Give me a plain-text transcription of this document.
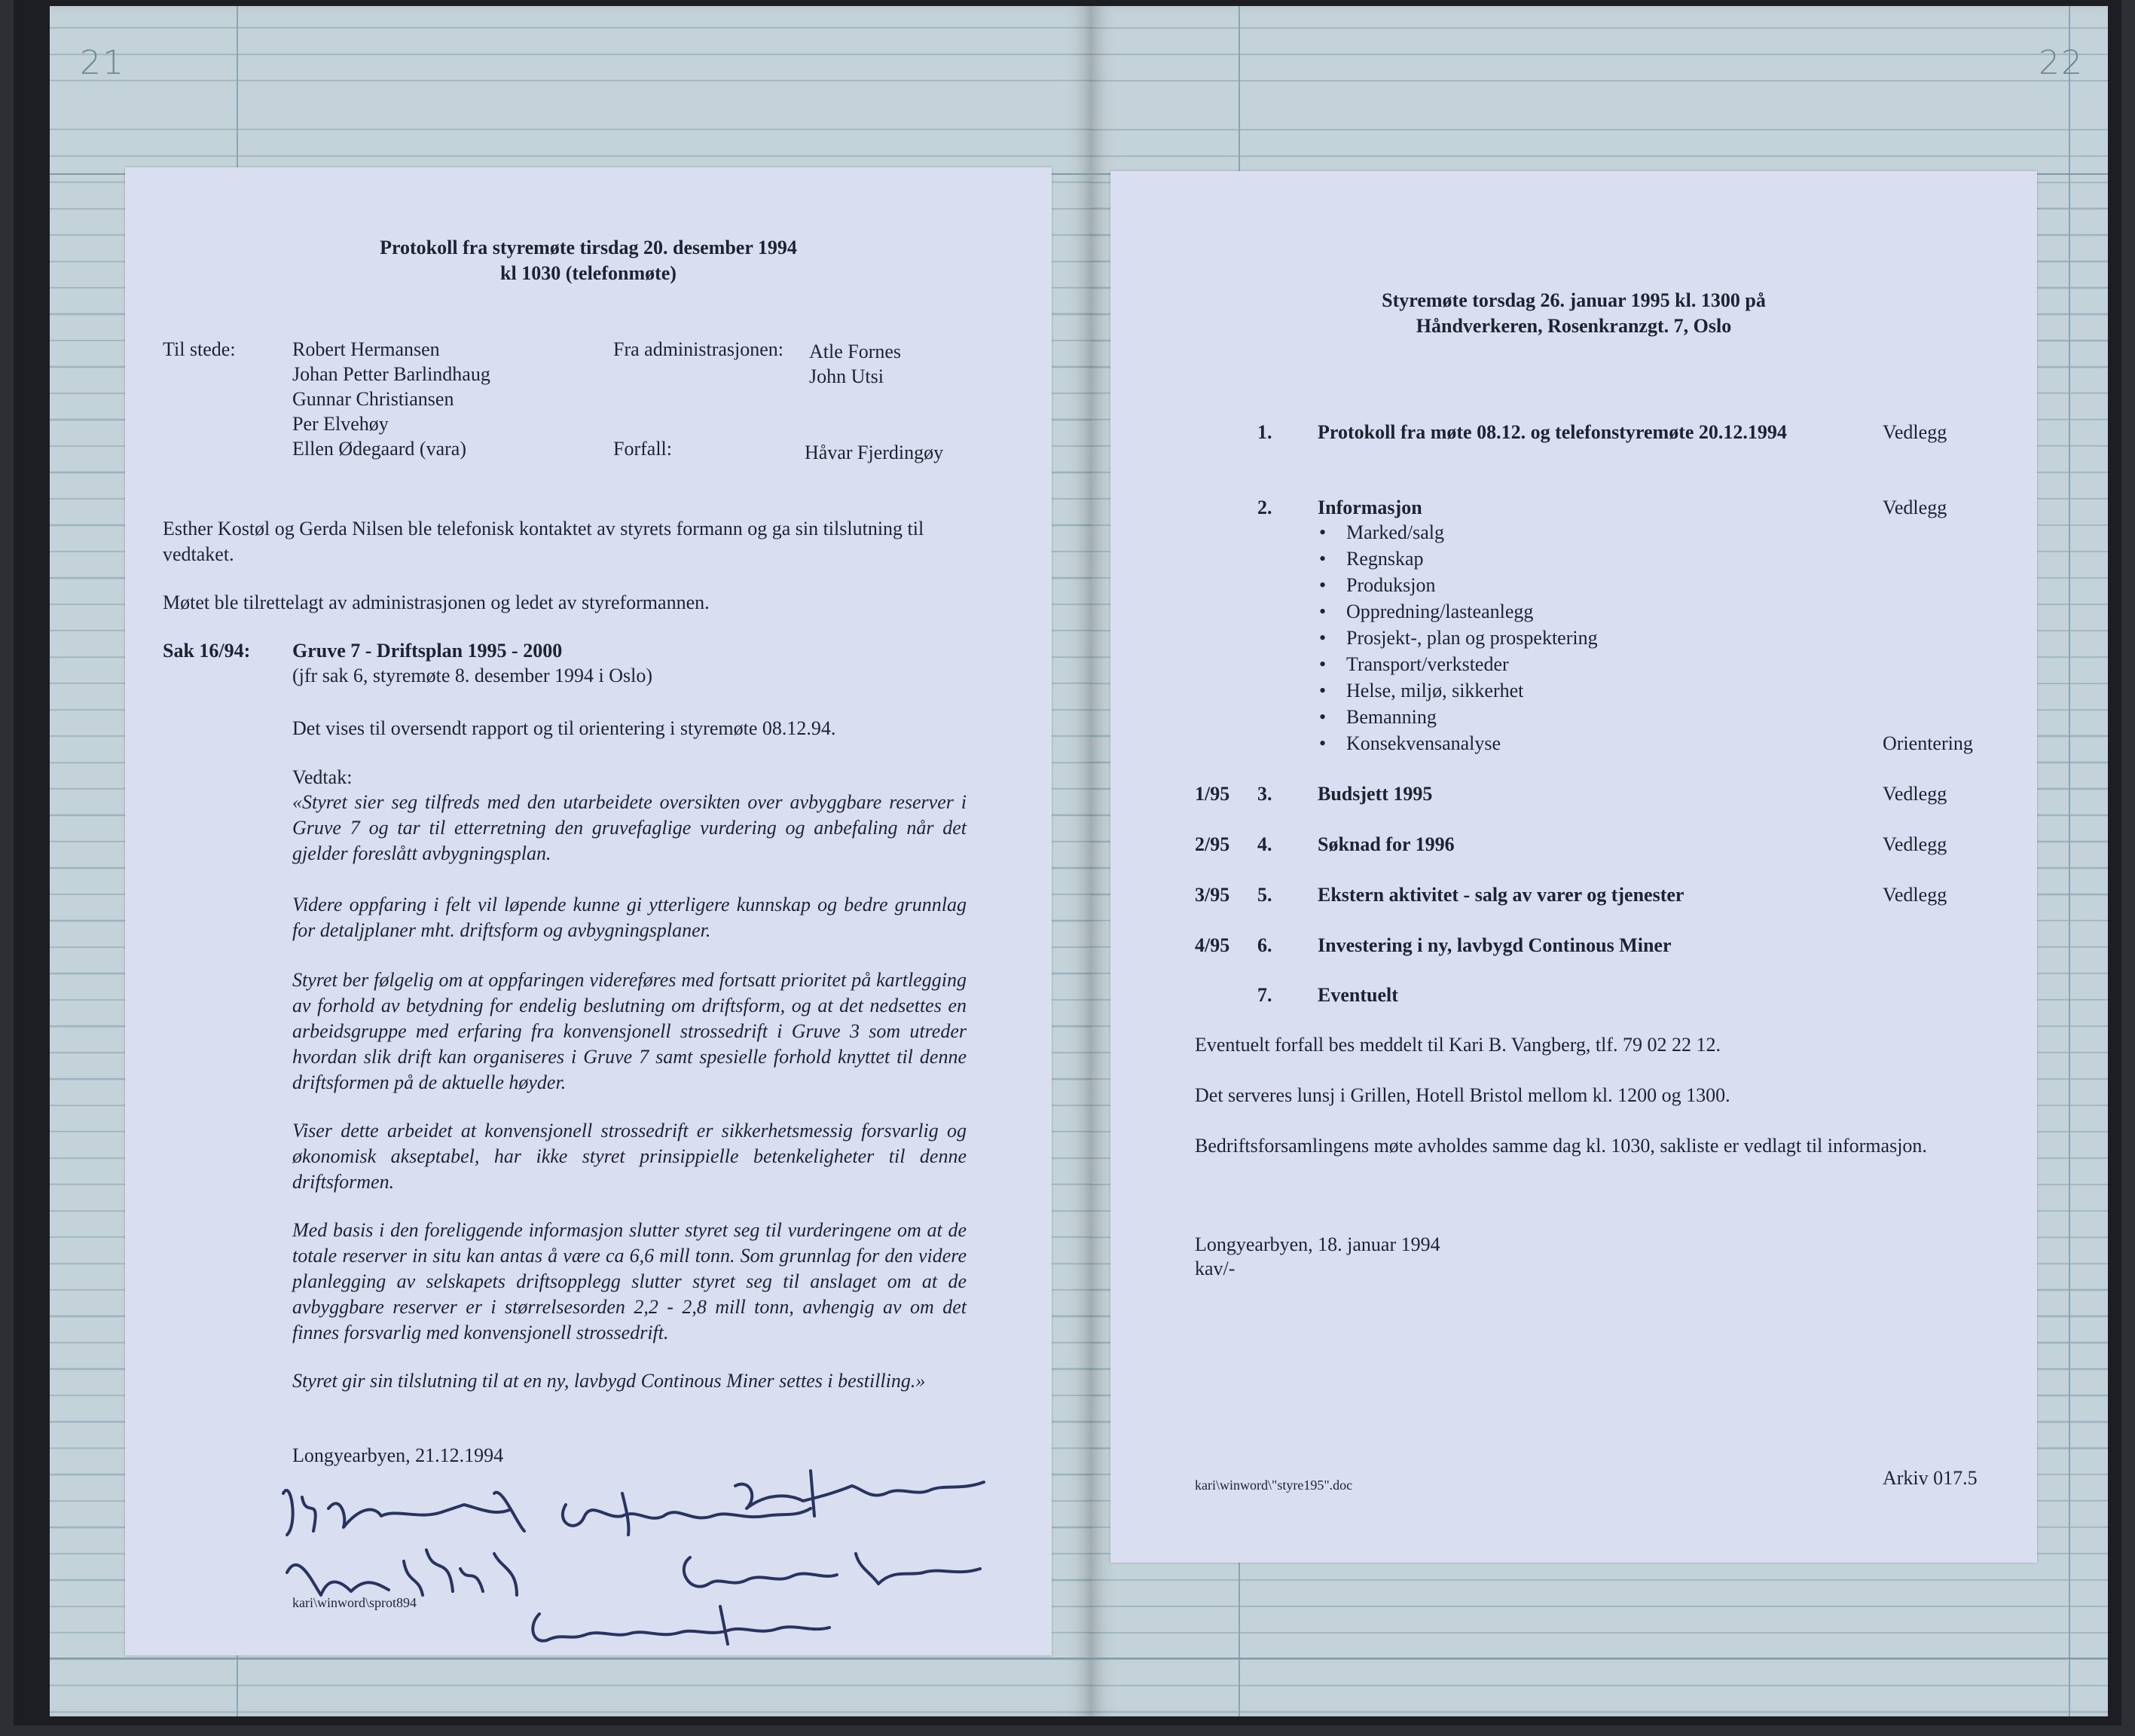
21	22
Protokoll fra styremøte tirsdag 20. desember 1994
kl 1030 (telefonmøte)
Til stede:	Robert Hermansen
Johan Petter Barlindhaug
Gunnar Christiansen
Per Elvehøy
Ellen Ødegaard (vara)
Fra administrasjonen: Atle Fornes
John Utsi
Forfall:	Håvar Fjerdingøy
Esther Kostøl og Gerda Nilsen ble telefonisk kontaktet av styrets formann og ga sin tilslutning til vedtaket.
Møtet ble tilrettelagt av administrasjonen og ledet av styreformannen.
Sak 16/94: Gruve 7 - Driftsplan 1995 - 2000
(jfr sak 6, styremøte 8. desember 1994 i Oslo)
Det vises til oversendt rapport og til orientering i styremøte 08.12.94.
Vedtak:
«Styret sier seg tilfreds med den utarbeidete oversikten over avbyggbare reserver i Gruve 7 og tar til etterretning den gruvefaglige vurdering og anbefaling når det gjelder foreslått avbygningsplan.
Videre oppfaring i felt vil løpende kunne gi ytterligere kunnskap og bedre grunnlag for detaljplaner mht. driftsform og avbygningsplaner.
Styret ber følgelig om at oppfaringen videreføres med fortsatt prioritet på kartlegging av forhold av betydning for endelig beslutning om driftsform, og at det nedsettes en arbeidsgruppe med erfaring fra konvensjonell strossedrift i Gruve 3 som utreder hvordan slik drift kan organiseres i Gruve 7 samt spesielle forhold knyttet til denne driftsformen på de aktuelle høyder.
Viser dette arbeidet at konvensjonell strossedrift er sikkerhetsmessig forsvarlig og økonomisk akseptabel, har ikke styret prinsippielle betenkeligheter til denne driftsformen.
Med basis i den foreliggende informasjon slutter styret seg til vurderingene om at de totale reserver in situ kan antas å være ca 6,6 mill tonn. Som grunnlag for den videre planlegging av selskapets driftsopplegg slutter styret seg til anslaget om at de avbyggbare reserver er i størrelsesorden 2,2 - 2,8 mill tonn, avhengig av om det finnes forsvarlig med konvensjonell strossedrift.
Styret gir sin tilslutning til at en ny, lavbygd Continous Miner settes i bestilling.»
Longyearbyen, 21.12.1994
kari\winword\sprot894
Styremøte torsdag 26. januar 1995 kl. 1300 på
Håndverkeren, Rosenkranzgt. 7, Oslo
1. Protokoll fra møte 08.12. og telefonstyremøte 20.12.1994	Vedlegg
2. Informasjon	Vedlegg
• Marked/salg
• Regnskap
• Produksjon
• Oppredning/lasteanlegg
• Prosjekt-, plan og prospektering
• Transport/verksteder
• Helse, miljø, sikkerhet
• Bemanning
• Konsekvensanalyse	Orientering
1/95 3. Budsjett 1995	Vedlegg
2/95 4. Søknad for 1996	Vedlegg
3/95 5. Ekstern aktivitet - salg av varer og tjenester	Vedlegg
4/95 6. Investering i ny, lavbygd Continous Miner
7. Eventuelt
Eventuelt forfall bes meddelt til Kari B. Vangberg, tlf. 79 02 22 12.
Det serveres lunsj i Grillen, Hotell Bristol mellom kl. 1200 og 1300.
Bedriftsforsamlingens møte avholdes samme dag kl. 1030, sakliste er vedlagt til informasjon.
Longyearbyen, 18. januar 1994
kav/-
kari\winword\"styre195".doc	Arkiv 017.5
